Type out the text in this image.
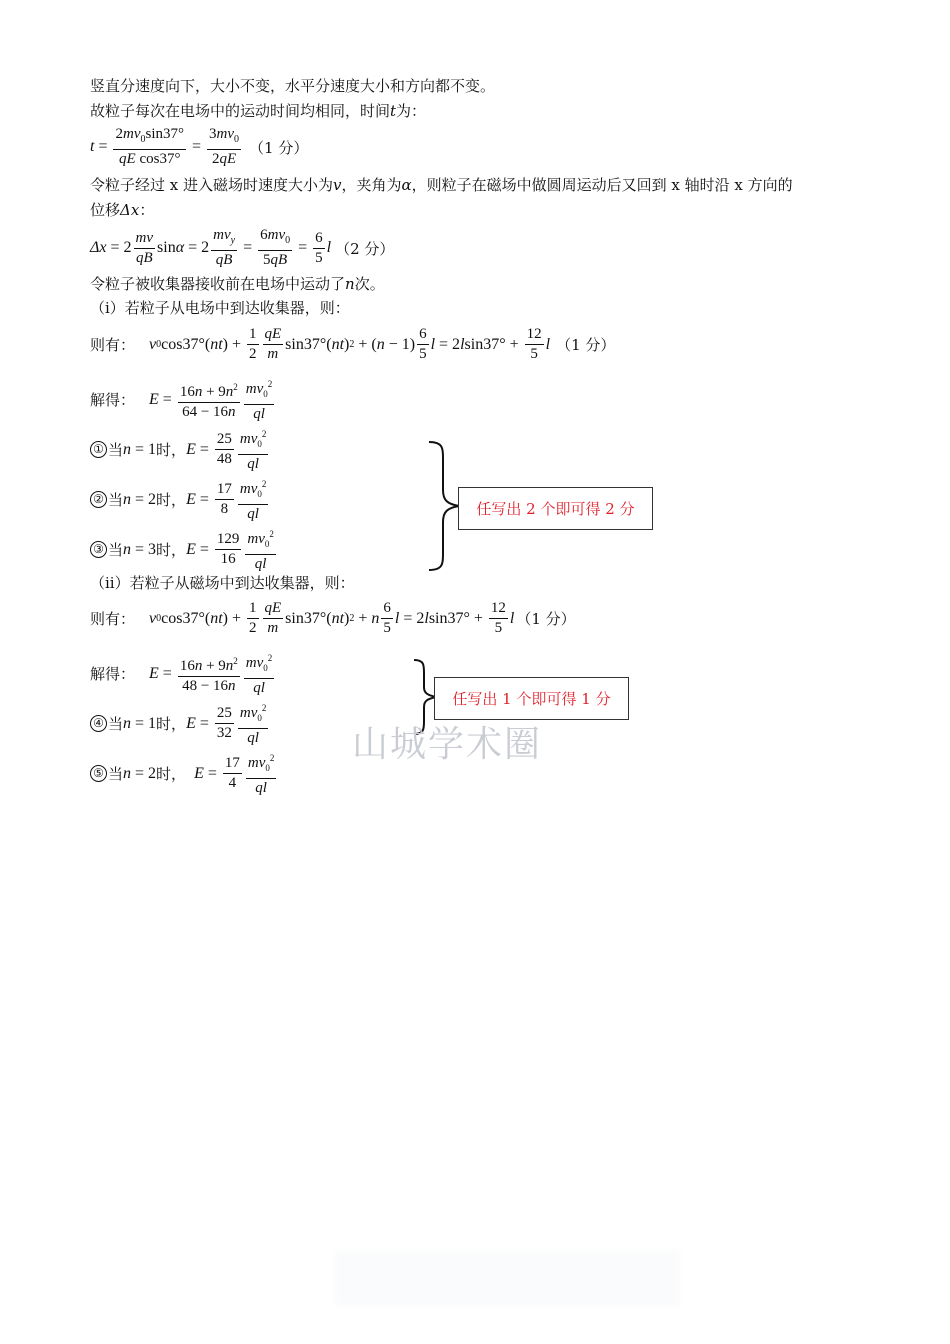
竖直分速度向下，大小不变，水平分速度大小和方向都不变。
故粒子每次在电场中的运动时间均相同，时间t为：
$t = \frac{2mv_0\sin 37^\circ}{\text{qE cos37°}} = \frac{3mv_0}{2qE} (1$ 分）
令粒子经过 x 进入磁场时速度大小为v，夹角为α，则粒子在磁场中做圆周运动后又回到 x 轴时沿 x 方向的
位移Δx：
$\Delta x = 2 \frac{mv}{qB}$ $\sin \alpha = 2 \frac{mv_y}{qB} = \frac{6mv_0}{5qB} = \frac{6}{5}$ l （2 分）
令粒子被收集器接收前在电场中运动了n次。
（i）若粒子从电场中到达收集器，则：
则有： v 0 cos37°( nt ) + $\frac{1}{2} \frac{qE}{m} \sin 37^\circ$( nt ) 2 + ( $n - 1) \frac{6}{5}$ l = 2 l $\sin 37^\circ + \frac{12}{5}$ l （1 分）
解得： $E = \frac{16n + 9n^2}{64 - 16n} \frac{mv_0^2}{ql}$
① 当 n = 1 时， $E = \frac{25}{48} \frac{mv_0^2}{ql}$
② 当 n = 2 时， $E = \frac{17}{8} \frac{mv_0^2}{ql}$
③ 当 n = 3 时， $E = \frac{129}{16} \frac{mv_0^2}{ql}$
任写出 2 个即可得 2 分
（ii）若粒子从磁场中到达收集器，则：
则有： v 0 cos37°( nt ) + $\frac{1}{2} \frac{qE}{m} \sin 37^\circ$( nt ) 2 + n $\frac{6}{5}$ l = 2 l $\sin 37^\circ + \frac{12}{5}$ l （1 分）
解得： $E = \frac{16n + 9n^2}{48 - 16n} \frac{mv_0^2}{ql}$
④ 当 n = 1 时， $E = \frac{25}{32} \frac{mv_0^2}{ql}$
⑤ 当 n = 2 时，
$E = \frac{17}{4} \frac{mv_0^2}{ql}$
任写出 1 个即可得 1 分
山城学术圈
